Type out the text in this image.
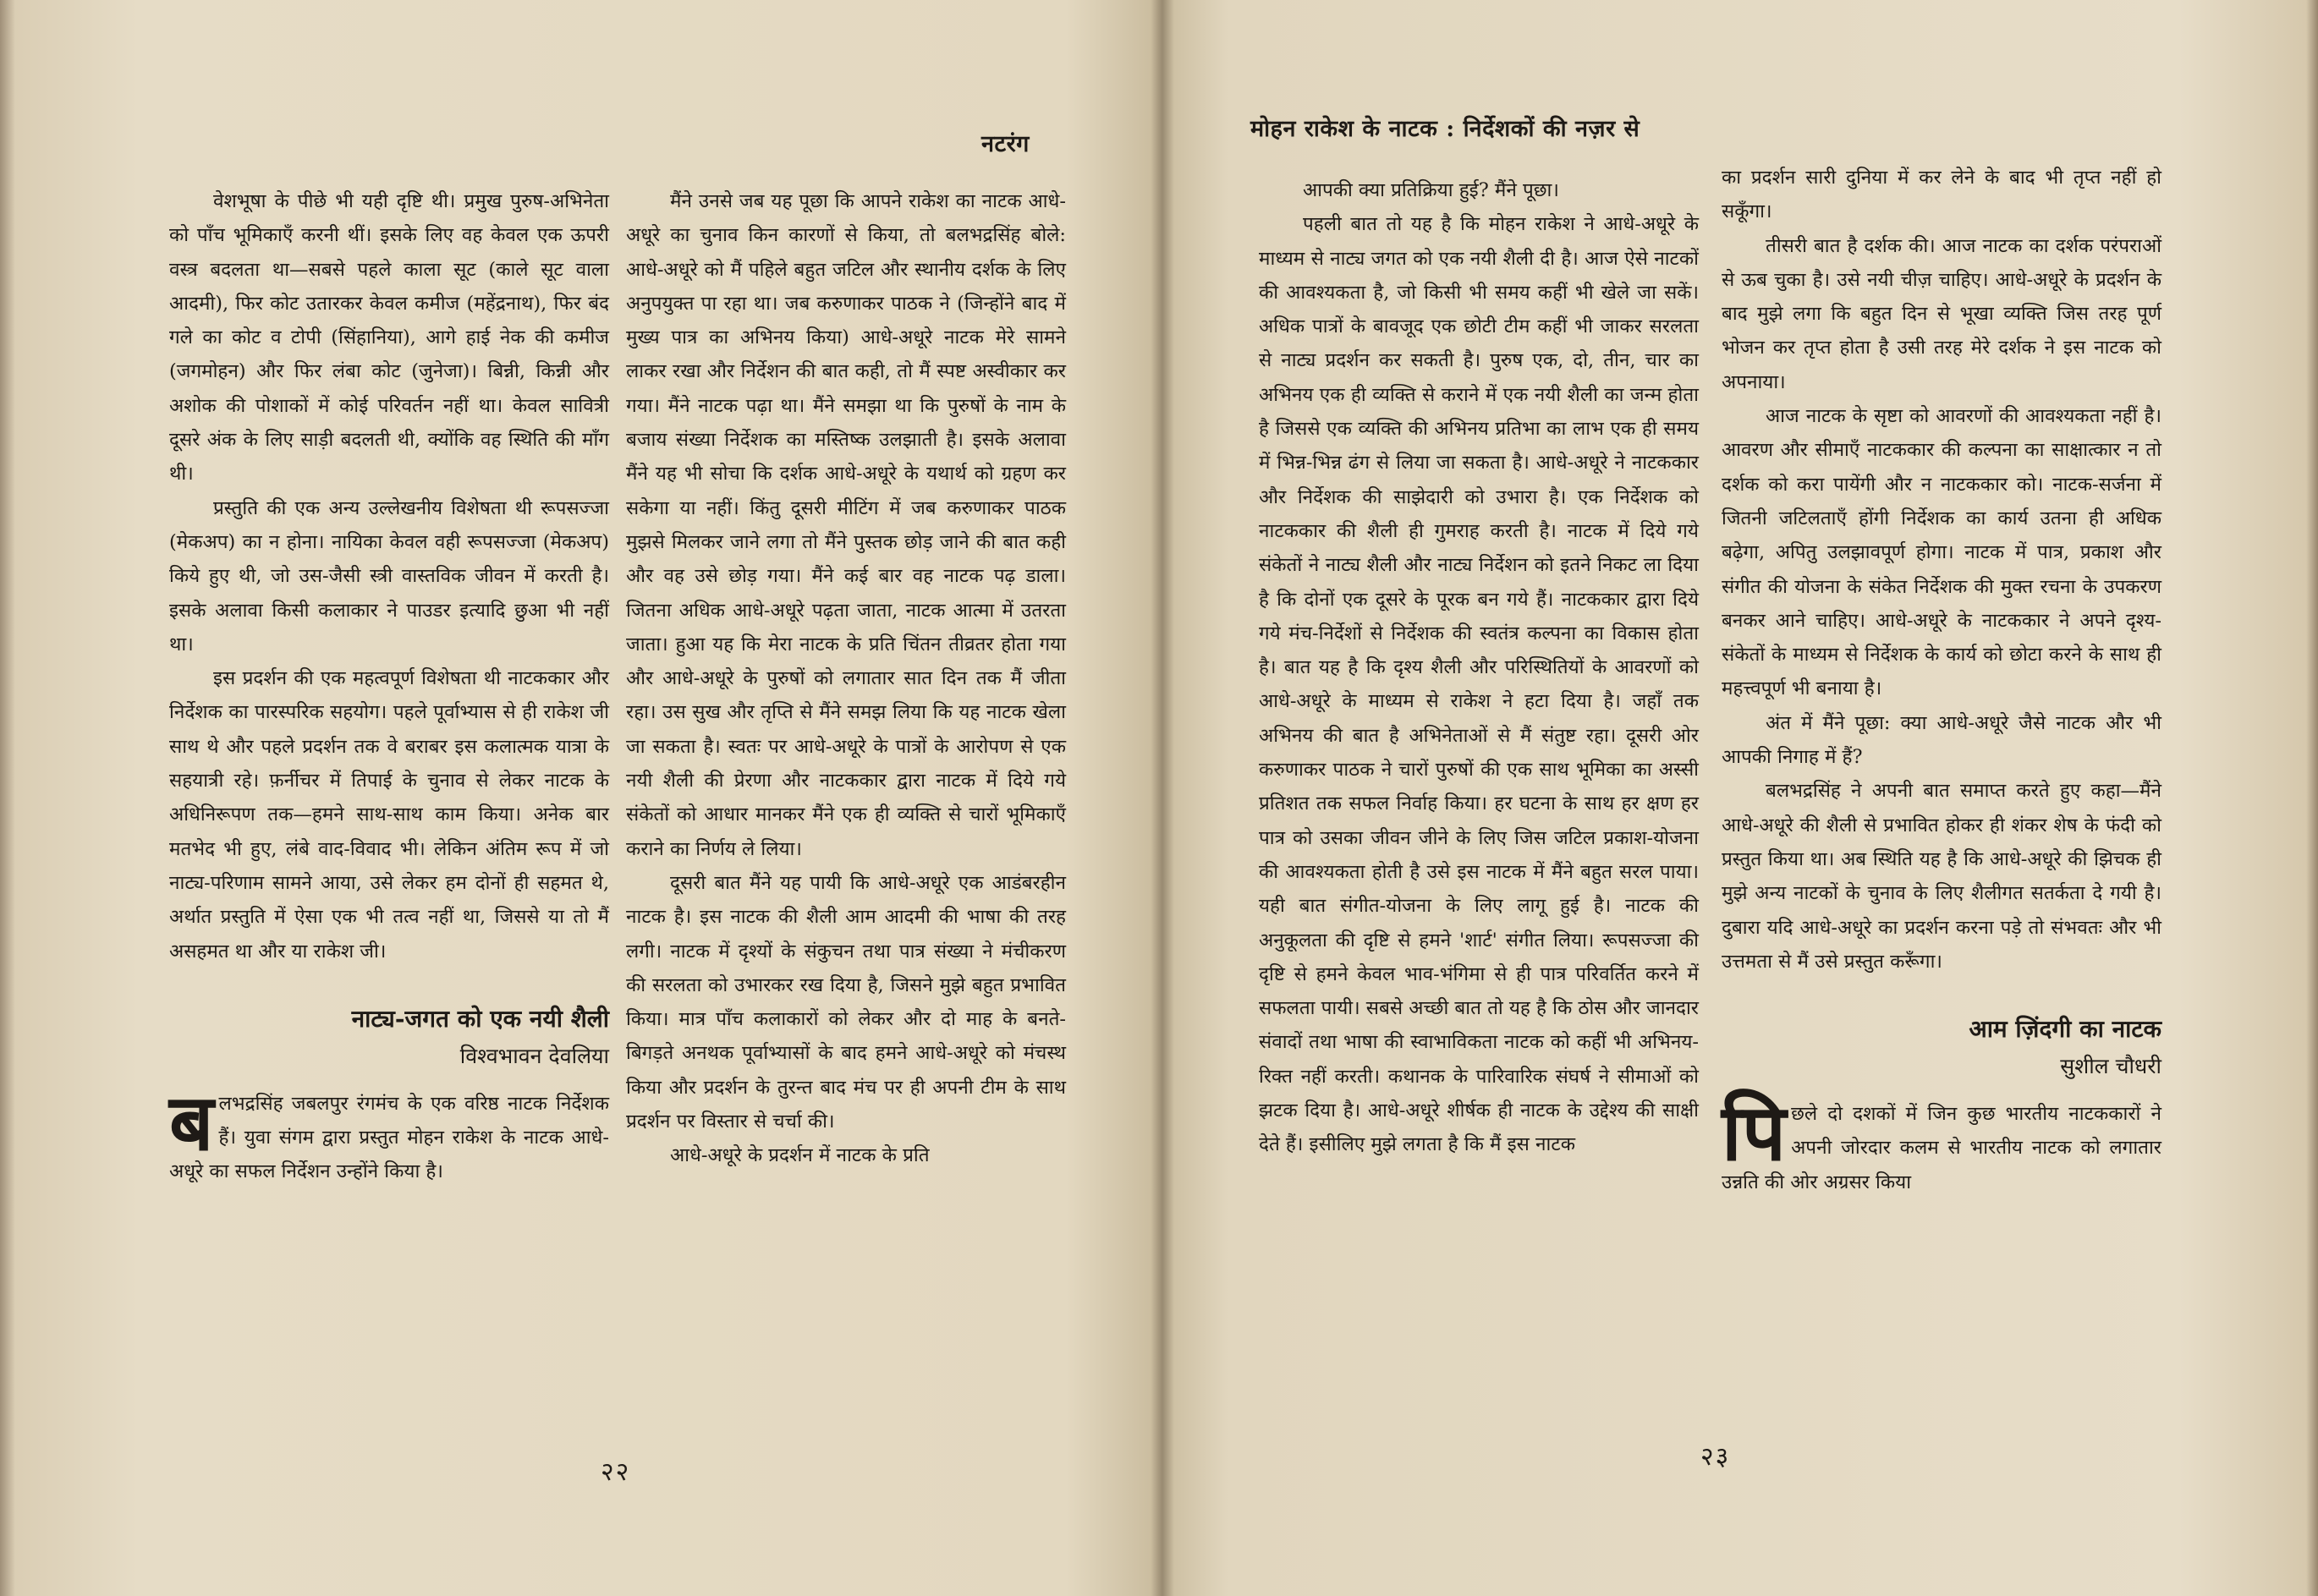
नटरंग

वेशभूषा के पीछे भी यही दृष्टि थी। प्रमुख पुरुष-अभिनेता को पाँच भूमिकाएँ करनी थीं। इसके लिए वह केवल एक ऊपरी वस्त्र बदलता था—सबसे पहले काला सूट (काले सूट वाला आदमी), फिर कोट उतारकर केवल कमीज (महेंद्रनाथ), फिर बंद गले का कोट व टोपी (सिंहानिया), आगे हाई नेक की कमीज (जगमोहन) और फिर लंबा कोट (जुनेजा)। बिन्नी, किन्नी और अशोक की पोशाकों में कोई परिवर्तन नहीं था। केवल सावित्री दूसरे अंक के लिए साड़ी बदलती थी, क्योंकि वह स्थिति की माँग थी।

प्रस्तुति की एक अन्य उल्लेखनीय विशेषता थी रूपसज्जा (मेकअप) का न होना। नायिका केवल वही रूपसज्जा (मेकअप) किये हुए थी, जो उस-जैसी स्त्री वास्तविक जीवन में करती है। इसके अलावा किसी कलाकार ने पाउडर इत्यादि छुआ भी नहीं था।

इस प्रदर्शन की एक महत्वपूर्ण विशेषता थी नाटककार और निर्देशक का पारस्परिक सहयोग। पहले पूर्वाभ्यास से ही राकेश जी साथ थे और पहले प्रदर्शन तक वे बराबर इस कलात्मक यात्रा के सहयात्री रहे। फ़र्नीचर में तिपाई के चुनाव से लेकर नाटक के अधिनिरूपण तक—हमने साथ-साथ काम किया। अनेक बार मतभेद भी हुए, लंबे वाद-विवाद भी। लेकिन अंतिम रूप में जो नाट्य-परिणाम सामने आया, उसे लेकर हम दोनों ही सहमत थे, अर्थात प्रस्तुति में ऐसा एक भी तत्व नहीं था, जिससे या तो मैं असहमत था और या राकेश जी।

नाट्य-जगत को एक नयी शैली
विश्वभावन देवलिया

बलभद्रसिंह जबलपुर रंगमंच के एक वरिष्ठ नाटक निर्देशक हैं। युवा संगम द्वारा प्रस्तुत मोहन राकेश के नाटक आधे-अधूरे का सफल निर्देशन उन्होंने किया है।

मैंने उनसे जब यह पूछा कि आपने राकेश का नाटक आधे-अधूरे का चुनाव किन कारणों से किया, तो बलभद्रसिंह बोले: आधे-अधूरे को मैं पहिले बहुत जटिल और स्थानीय दर्शक के लिए अनुपयुक्त पा रहा था। जब करुणाकर पाठक ने (जिन्होंने बाद में मुख्य पात्र का अभिनय किया) आधे-अधूरे नाटक मेरे सामने लाकर रखा और निर्देशन की बात कही, तो मैं स्पष्ट अस्वीकार कर गया। मैंने नाटक पढ़ा था। मैंने समझा था कि पुरुषों के नाम के बजाय संख्या निर्देशक का मस्तिष्क उलझाती है। इसके अलावा मैंने यह भी सोचा कि दर्शक आधे-अधूरे के यथार्थ को ग्रहण कर सकेगा या नहीं। किंतु दूसरी मीटिंग में जब करुणाकर पाठक मुझसे मिलकर जाने लगा तो मैंने पुस्तक छोड़ जाने की बात कही और वह उसे छोड़ गया। मैंने कई बार वह नाटक पढ़ डाला। जितना अधिक आधे-अधूरे पढ़ता जाता, नाटक आत्मा में उतरता जाता। हुआ यह कि मेरा नाटक के प्रति चिंतन तीव्रतर होता गया और आधे-अधूरे के पुरुषों को लगातार सात दिन तक मैं जीता रहा। उस सुख और तृप्ति से मैंने समझ लिया कि यह नाटक खेला जा सकता है। स्वतः पर आधे-अधूरे के पात्रों के आरोपण से एक नयी शैली की प्रेरणा और नाटककार द्वारा नाटक में दिये गये संकेतों को आधार मानकर मैंने एक ही व्यक्ति से चारों भूमिकाएँ कराने का निर्णय ले लिया।

दूसरी बात मैंने यह पायी कि आधे-अधूरे एक आडंबरहीन नाटक है। इस नाटक की शैली आम आदमी की भाषा की तरह लगी। नाटक में दृश्यों के संकुचन तथा पात्र संख्या ने मंचीकरण की सरलता को उभारकर रख दिया है, जिसने मुझे बहुत प्रभावित किया। मात्र पाँच कलाकारों को लेकर और दो माह के बनते-बिगड़ते अनथक पूर्वाभ्यासों के बाद हमने आधे-अधूरे को मंचस्थ किया और प्रदर्शन के तुरन्त बाद मंच पर ही अपनी टीम के साथ प्रदर्शन पर विस्तार से चर्चा की।

आधे-अधूरे के प्रदर्शन में नाटक के प्रति

२२
मोहन राकेश के नाटक : निर्देशकों की नज़र से

आपकी क्या प्रतिक्रिया हुई? मैंने पूछा।

पहली बात तो यह है कि मोहन राकेश ने आधे-अधूरे के माध्यम से नाट्य जगत को एक नयी शैली दी है। आज ऐसे नाटकों की आवश्यकता है, जो किसी भी समय कहीं भी खेले जा सकें। अधिक पात्रों के बावजूद एक छोटी टीम कहीं भी जाकर सरलता से नाट्य प्रदर्शन कर सकती है। पुरुष एक, दो, तीन, चार का अभिनय एक ही व्यक्ति से कराने में एक नयी शैली का जन्म होता है जिससे एक व्यक्ति की अभिनय प्रतिभा का लाभ एक ही समय में भिन्न-भिन्न ढंग से लिया जा सकता है। आधे-अधूरे ने नाटककार और निर्देशक की साझेदारी को उभारा है। एक निर्देशक को नाटककार की शैली ही गुमराह करती है। नाटक में दिये गये संकेतों ने नाट्य शैली और नाट्य निर्देशन को इतने निकट ला दिया है कि दोनों एक दूसरे के पूरक बन गये हैं। नाटककार द्वारा दिये गये मंच-निर्देशों से निर्देशक की स्वतंत्र कल्पना का विकास होता है। बात यह है कि दृश्य शैली और परिस्थितियों के आवरणों को आधे-अधूरे के माध्यम से राकेश ने हटा दिया है। जहाँ तक अभिनय की बात है अभिनेताओं से मैं संतुष्ट रहा। दूसरी ओर करुणाकर पाठक ने चारों पुरुषों की एक साथ भूमिका का अस्सी प्रतिशत तक सफल निर्वाह किया। हर घटना के साथ हर क्षण हर पात्र को उसका जीवन जीने के लिए जिस जटिल प्रकाश-योजना की आवश्यकता होती है उसे इस नाटक में मैंने बहुत सरल पाया। यही बात संगीत-योजना के लिए लागू हुई है। नाटक की अनुकूलता की दृष्टि से हमने 'शार्ट' संगीत लिया। रूपसज्जा की दृष्टि से हमने केवल भाव-भंगिमा से ही पात्र परिवर्तित करने में सफलता पायी। सबसे अच्छी बात तो यह है कि ठोस और जानदार संवादों तथा भाषा की स्वाभाविकता नाटक को कहीं भी अभिनय-रिक्त नहीं करती। कथानक के पारिवारिक संघर्ष ने सीमाओं को झटक दिया है। आधे-अधूरे शीर्षक ही नाटक के उद्देश्य की साक्षी देते हैं। इसीलिए मुझे लगता है कि मैं इस नाटक

का प्रदर्शन सारी दुनिया में कर लेने के बाद भी तृप्त नहीं हो सकूँगा।

तीसरी बात है दर्शक की। आज नाटक का दर्शक परंपराओं से ऊब चुका है। उसे नयी चीज़ चाहिए। आधे-अधूरे के प्रदर्शन के बाद मुझे लगा कि बहुत दिन से भूखा व्यक्ति जिस तरह पूर्ण भोजन कर तृप्त होता है उसी तरह मेरे दर्शक ने इस नाटक को अपनाया।

आज नाटक के सृष्टा को आवरणों की आवश्यकता नहीं है। आवरण और सीमाएँ नाटककार की कल्पना का साक्षात्कार न तो दर्शक को करा पायेंगी और न नाटककार को। नाटक-सर्जना में जितनी जटिलताएँ होंगी निर्देशक का कार्य उतना ही अधिक बढ़ेगा, अपितु उलझावपूर्ण होगा। नाटक में पात्र, प्रकाश और संगीत की योजना के संकेत निर्देशक की मुक्त रचना के उपकरण बनकर आने चाहिए। आधे-अधूरे के नाटककार ने अपने दृश्य-संकेतों के माध्यम से निर्देशक के कार्य को छोटा करने के साथ ही महत्त्वपूर्ण भी बनाया है।

अंत में मैंने पूछा: क्या आधे-अधूरे जैसे नाटक और भी आपकी निगाह में हैं?

बलभद्रसिंह ने अपनी बात समाप्त करते हुए कहा—मैंने आधे-अधूरे की शैली से प्रभावित होकर ही शंकर शेष के फंदी को प्रस्तुत किया था। अब स्थिति यह है कि आधे-अधूरे की झिचक ही मुझे अन्य नाटकों के चुनाव के लिए शैलीगत सतर्कता दे गयी है। दुबारा यदि आधे-अधूरे का प्रदर्शन करना पड़े तो संभवतः और भी उत्तमता से मैं उसे प्रस्तुत करूँगा।

आम ज़िंदगी का नाटक
सुशील चौधरी

पिछले दो दशकों में जिन कुछ भारतीय नाटककारों ने अपनी जोरदार कलम से भारतीय नाटक को लगातार उन्नति की ओर अग्रसर किया

२३
